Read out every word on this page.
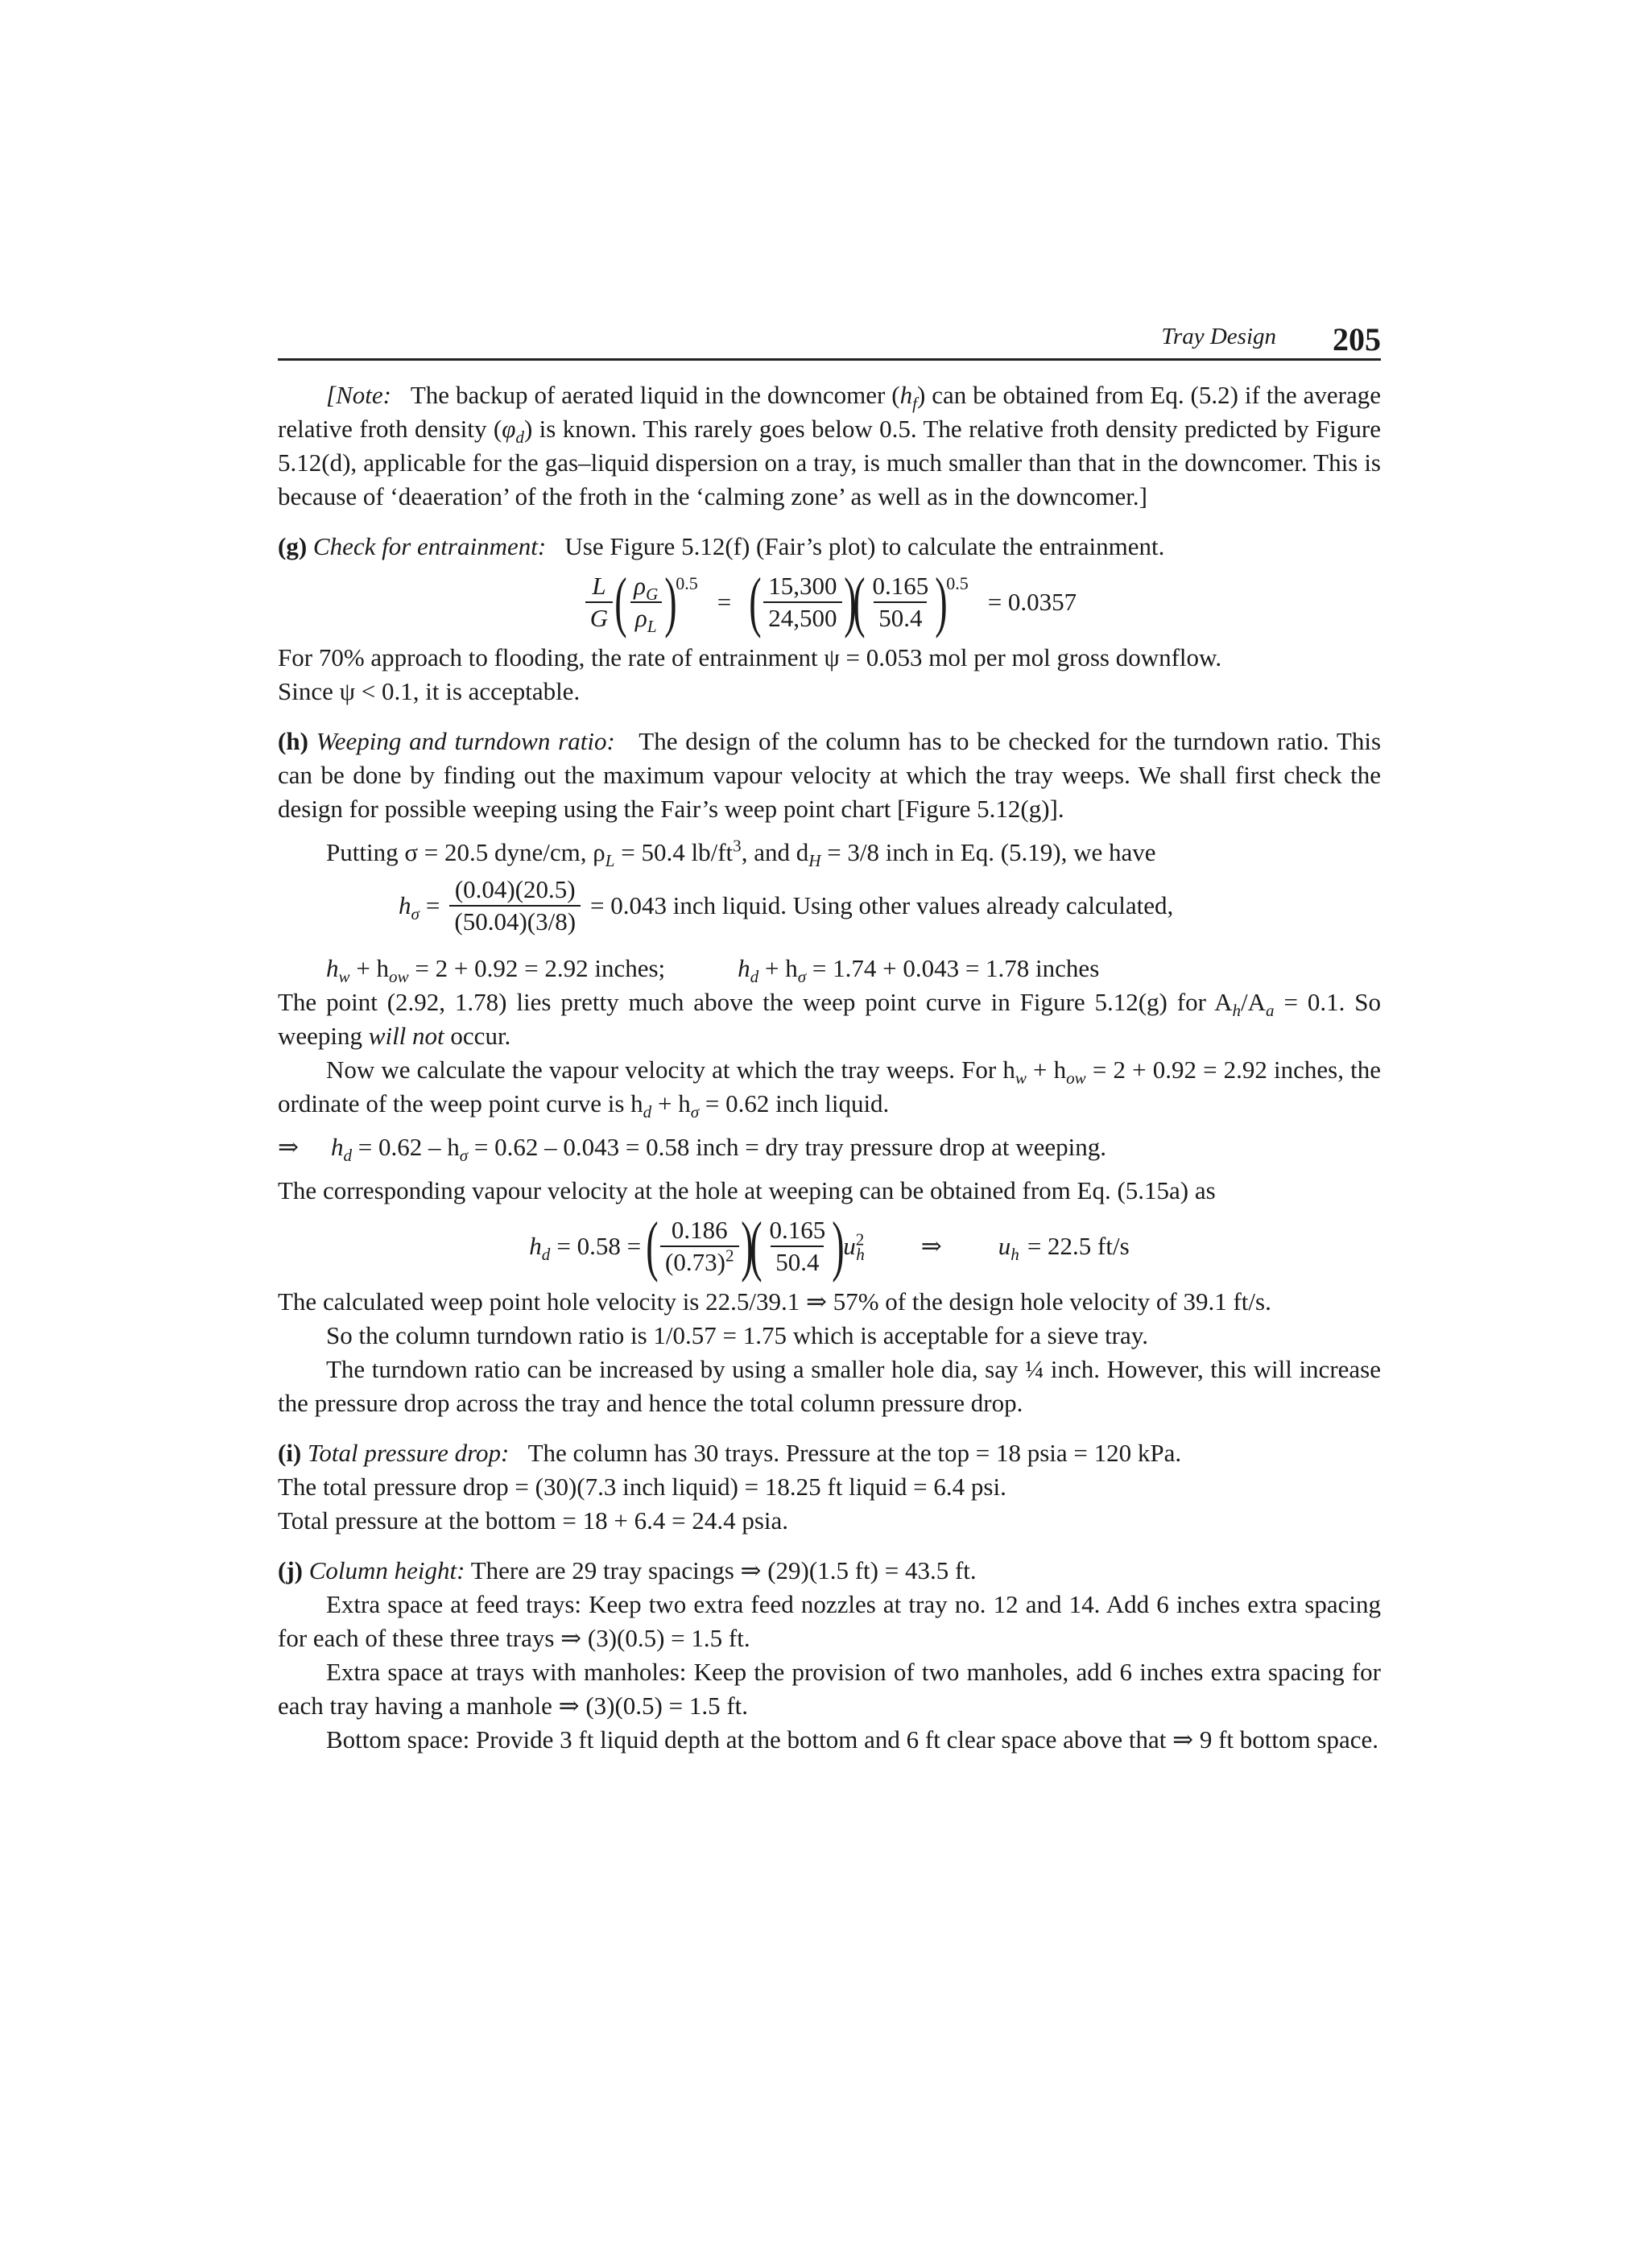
Tray Design 205

[Note: The backup of aerated liquid in the downcomer $(h_f)$ can be obtained from Eq. (5.2) if the average relative froth density $(\varphi_d)$ is known. This rarely goes below 0.5. The relative froth density predicted by Figure 5.12(d), applicable for the gas–liquid dispersion on a tray, is much smaller than that in the downcomer. This is because of ‘deaeration’ of the froth in the ‘calming zone’ as well as in the downcomer.]

(g) Check for entrainment: Use Figure 5.12(f) (Fair’s plot) to calculate the entrainment.

$\frac{L}{G}$ ( $\frac{\rho_G}{\rho_L}$ )
0.5
= ( $\frac{15,300}{24,500}$ )
( $\frac{0.165}{50.4}$ )
0.5
= 0.0357

For 70% approach to flooding, the rate of entrainment ψ = 0.053 mol per mol gross downflow.

Since ψ < 0.1, it is acceptable.

(h) Weeping and turndown ratio: The design of the column has to be checked for the turndown ratio. This can be done by finding out the maximum vapour velocity at which the tray weeps. We shall first check the design for possible weeping using the Fair’s weep point chart [Figure 5.12(g)].

Putting σ = 20.5 dyne/cm, $\rho_L = 50.4$ $lb/ft^3$, and $d_H = 3/8$ inch in Eq. (5.19), we have

$h_\sigma = \frac{(0.04)(20.5)}{(50.04)(3/8)} = 0.043$ inch liquid. Using other values already calculated,

$h_w + h_{ow} = 2 + 0.92 = 2.92$ inches;	$h_d + h_\sigma = 1.74 + 0.043 = 1.78$ inches

The point (2.92, 1.78) lies pretty much above the weep point curve in Figure 5.12(g) for $A_h/A_a = 0.1$. So weeping will not occur.

Now we calculate the vapour velocity at which the tray weeps. For $h_w + h_{ow} = 2 + 0.92 = 2.92$ inches, the ordinate of the weep point curve is $h_d + h_\sigma = 0.62$ inch liquid.

⇒ $h_d = 0.62 - h_\sigma = 0.62 - 0.043 = 0.58$ inch = dry tray pressure drop at weeping.

The corresponding vapour velocity at the hole at weeping can be obtained from Eq. (5.15a) as

$h_d = 0.58$ = ( $\frac{0.186}{(0.73)^2}$ )
( $\frac{0.165}{50.4}$ )
$u^2_h$ ⇒ $u_h = 22.5$ ft/s

The calculated weep point hole velocity is 22.5/39.1 ⇒ 57% of the design hole velocity of 39.1 ft/s.

So the column turndown ratio is 1/0.57 = 1.75 which is acceptable for a sieve tray.

The turndown ratio can be increased by using a smaller hole dia, say ¼ inch. However, this will increase the pressure drop across the tray and hence the total column pressure drop.

(i) Total pressure drop: The column has 30 trays. Pressure at the top = 18 psia = 120 kPa.

The total pressure drop = (30)(7.3 inch liquid) = 18.25 ft liquid = 6.4 psi.

Total pressure at the bottom = 18 + 6.4 = 24.4 psia.

(j) Column height: There are 29 tray spacings ⇒ (29)(1.5 ft) = 43.5 ft.

Extra space at feed trays: Keep two extra feed nozzles at tray no. 12 and 14. Add 6 inches extra spacing for each of these three trays ⇒ (3)(0.5) = 1.5 ft.

Extra space at trays with manholes: Keep the provision of two manholes, add 6 inches extra spacing for each tray having a manhole ⇒ (3)(0.5) = 1.5 ft.

Bottom space: Provide 3 ft liquid depth at the bottom and 6 ft clear space above that ⇒ 9 ft bottom space.
